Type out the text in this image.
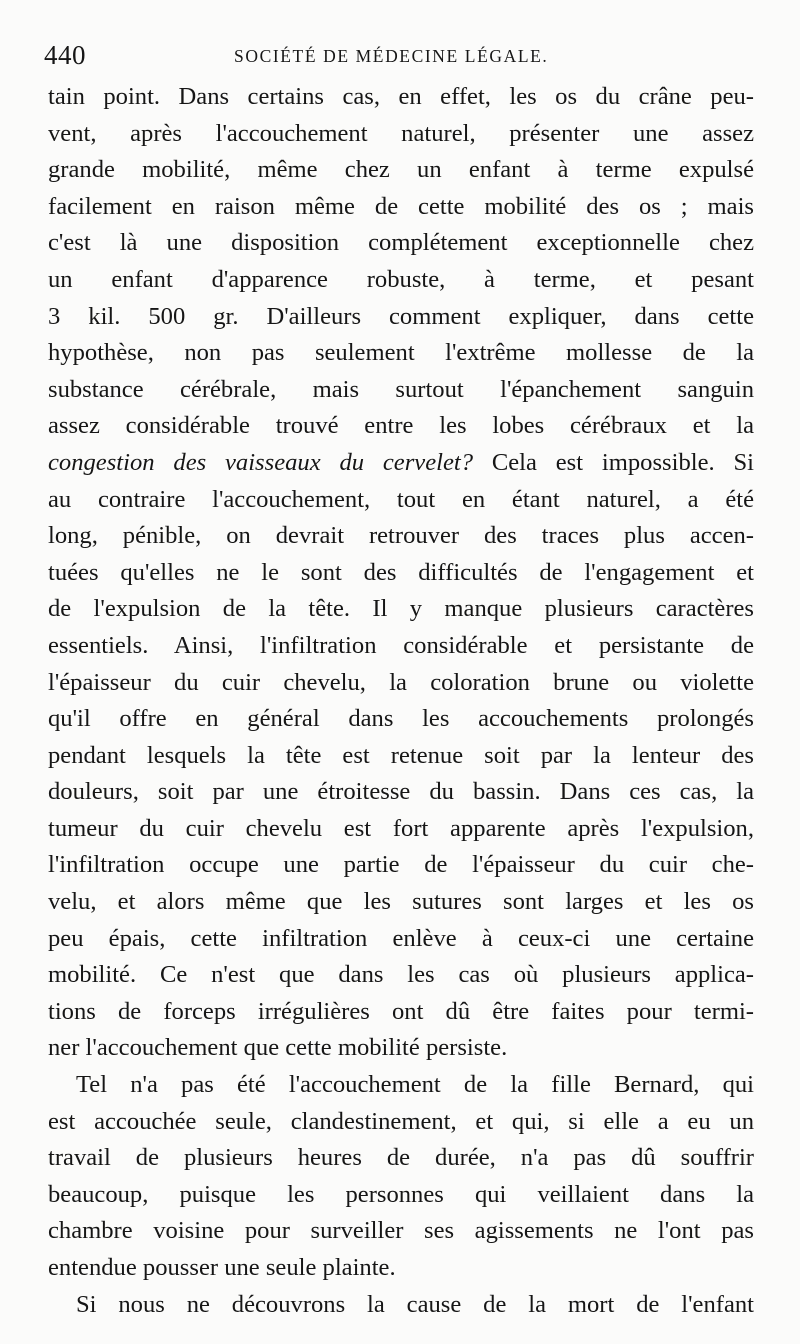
440	SOCIÉTÉ DE MÉDECINE LÉGALE.
tain point. Dans certains cas, en effet, les os du crâne peu-
vent, après l'accouchement naturel, présenter une assez
grande mobilité, même chez un enfant à terme expulsé
facilement en raison même de cette mobilité des os ; mais
c'est là une disposition complétement exceptionnelle chez
un enfant d'apparence robuste, à terme, et pesant
3 kil. 500 gr. D'ailleurs comment expliquer, dans cette
hypothèse, non pas seulement l'extrême mollesse de la
substance cérébrale, mais surtout l'épanchement sanguin
assez considérable trouvé entre les lobes cérébraux et la
congestion des vaisseaux du cervelet? Cela est impossible. Si
au contraire l'accouchement, tout en étant naturel, a été
long, pénible, on devrait retrouver des traces plus accen-
tuées qu'elles ne le sont des difficultés de l'engagement et
de l'expulsion de la tête. Il y manque plusieurs caractères
essentiels. Ainsi, l'infiltration considérable et persistante de
l'épaisseur du cuir chevelu, la coloration brune ou violette
qu'il offre en général dans les accouchements prolongés
pendant lesquels la tête est retenue soit par la lenteur des
douleurs, soit par une étroitesse du bassin. Dans ces cas, la
tumeur du cuir chevelu est fort apparente après l'expulsion,
l'infiltration occupe une partie de l'épaisseur du cuir che-
velu, et alors même que les sutures sont larges et les os
peu épais, cette infiltration enlève à ceux-ci une certaine
mobilité. Ce n'est que dans les cas où plusieurs applica-
tions de forceps irrégulières ont dû être faites pour termi-
ner l'accouchement que cette mobilité persiste.
Tel n'a pas été l'accouchement de la fille Bernard, qui
est accouchée seule, clandestinement, et qui, si elle a eu un
travail de plusieurs heures de durée, n'a pas dû souffrir
beaucoup, puisque les personnes qui veillaient dans la
chambre voisine pour surveiller ses agissements ne l'ont pas
entendue pousser une seule plainte.
Si nous ne découvrons la cause de la mort de l'enfant
